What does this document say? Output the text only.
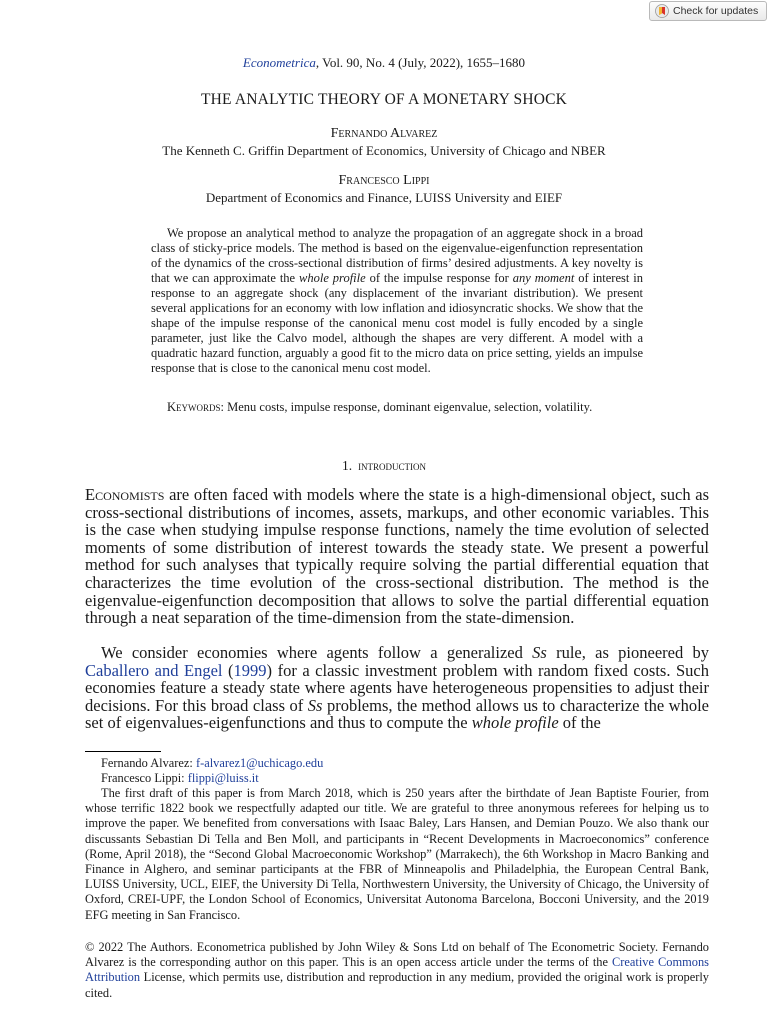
Check for updates
Econometrica, Vol. 90, No. 4 (July, 2022), 1655–1680
THE ANALYTIC THEORY OF A MONETARY SHOCK
Fernando Alvarez
The Kenneth C. Griffin Department of Economics, University of Chicago and NBER
Francesco Lippi
Department of Economics and Finance, LUISS University and EIEF

We propose an analytical method to analyze the propagation of an aggregate shock in a broad class of sticky-price models. The method is based on the eigenvalue-eigenfunction representation of the dynamics of the cross-sectional distribution of firms’ desired adjustments. A key novelty is that we can approximate the whole profile of the impulse response for any moment of interest in response to an aggregate shock (any displacement of the invariant distribution). We present several applications for an economy with low inflation and idiosyncratic shocks. We show that the shape of the impulse response of the canonical menu cost model is fully encoded by a single parameter, just like the Calvo model, although the shapes are very different. A model with a quadratic hazard function, arguably a good fit to the micro data on price setting, yields an impulse response that is close to the canonical menu cost model.

Keywords: Menu costs, impulse response, dominant eigenvalue, selection, volatility.

1. introduction

Economists are often faced with models where the state is a high-dimensional object, such as cross-sectional distributions of incomes, assets, markups, and other economic variables. This is the case when studying impulse response functions, namely the time evolution of selected moments of some distribution of interest towards the steady state. We present a powerful method for such analyses that typically require solving the partial differential equation that characterizes the time evolution of the cross-sectional distribution. The method is the eigenvalue-eigenfunction decomposition that allows to solve the partial differential equation through a neat separation of the time-dimension from the state-dimension.

We consider economies where agents follow a generalized Ss rule, as pioneered by Caballero and Engel (1999) for a classic investment problem with random fixed costs. Such economies feature a steady state where agents have heterogeneous propensities to adjust their decisions. For this broad class of Ss problems, the method allows us to characterize the whole set of eigenvalues-eigenfunctions and thus to compute the whole profile of the

Fernando Alvarez: f-alvarez1@uchicago.edu

Francesco Lippi: flippi@luiss.it

The first draft of this paper is from March 2018, which is 250 years after the birthdate of Jean Baptiste Fourier, from whose terrific 1822 book we respectfully adapted our title. We are grateful to three anonymous referees for helping us to improve the paper. We benefited from conversations with Isaac Baley, Lars Hansen, and Demian Pouzo. We also thank our discussants Sebastian Di Tella and Ben Moll, and participants in “Recent Developments in Macroeconomics” conference (Rome, April 2018), the “Second Global Macroeconomic Workshop” (Marrakech), the 6th Workshop in Macro Banking and Finance in Alghero, and seminar participants at the FBR of Minneapolis and Philadelphia, the European Central Bank, LUISS University, UCL, EIEF, the University Di Tella, Northwestern University, the University of Chicago, the University of Oxford, CREI-UPF, the London School of Economics, Universitat Autonoma Barcelona, Bocconi University, and the 2019 EFG meeting in San Francisco.

© 2022 The Authors. Econometrica published by John Wiley & Sons Ltd on behalf of The Econometric Society. Fernando Alvarez is the corresponding author on this paper. This is an open access article under the terms of the Creative Commons Attribution License, which permits use, distribution and reproduction in any medium, provided the original work is properly cited.
